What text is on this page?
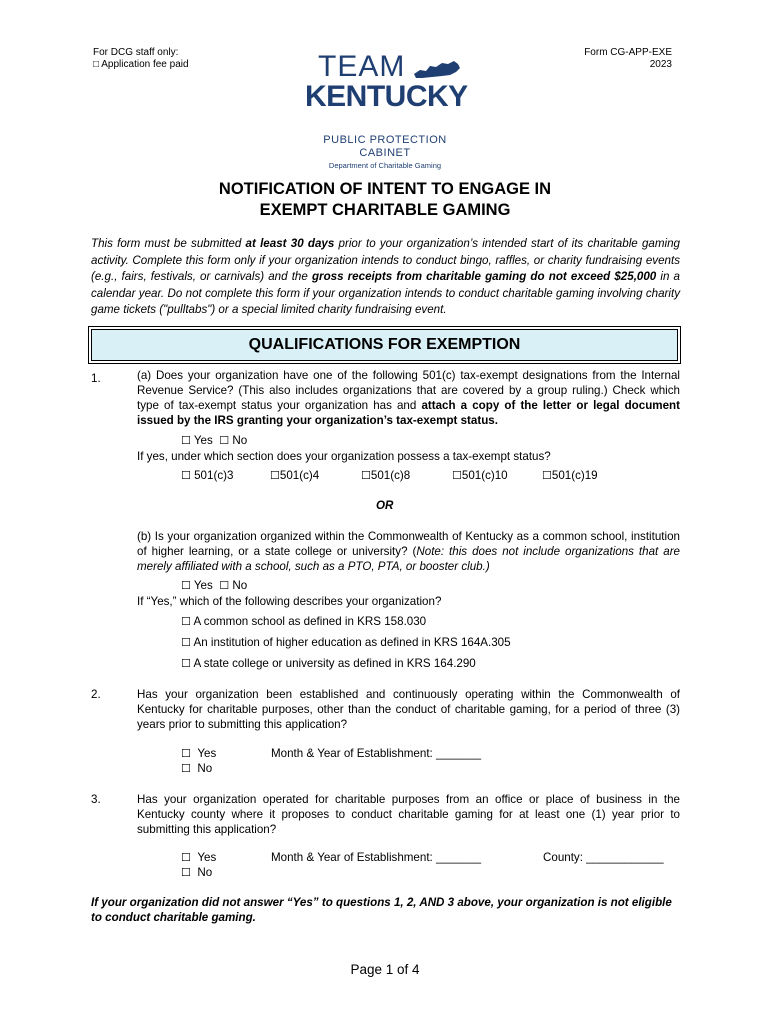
For DCG staff only:
□ Application fee paid
Form CG-APP-EXE
2023
TEAM
KENTUCKY
PUBLIC PROTECTION
CABINET
Department of Charitable Gaming
NOTIFICATION OF INTENT TO ENGAGE IN
EXEMPT CHARITABLE GAMING
This form must be submitted at least 30 days prior to your organization’s intended start of its charitable gaming activity. Complete this form only if your organization intends to conduct bingo, raffles, or charity fundraising events (e.g., fairs, festivals, or carnivals) and the gross receipts from charitable gaming do not exceed $25,000 in a calendar year. Do not complete this form if your organization intends to conduct charitable gaming involving charity game tickets ("pulltabs") or a special limited charity fundraising event.
QUALIFICATIONS FOR EXEMPTION
1.	(a) Does your organization have one of the following 501(c) tax-exempt designations from the Internal Revenue Service? (This also includes organizations that are covered by a group ruling.) Check which type of tax-exempt status your organization has and attach a copy of the letter or legal document issued by the IRS granting your organization’s tax-exempt status.
☐ Yes ☐ No
If yes, under which section does your organization possess a tax-exempt status?
☐ 501(c)3	☐501(c)4	☐501(c)8	☐501(c)10	☐501(c)19
OR
(b) Is your organization organized within the Commonwealth of Kentucky as a common school, institution of higher learning, or a state college or university? (Note: this does not include organizations that are merely affiliated with a school, such as a PTO, PTA, or booster club.)
☐ Yes ☐ No
If “Yes,” which of the following describes your organization?
☐ A common school as defined in KRS 158.030
☐ An institution of higher education as defined in KRS 164A.305
☐ A state college or university as defined in KRS 164.290
2.	Has your organization been established and continuously operating within the Commonwealth of Kentucky for charitable purposes, other than the conduct of charitable gaming, for a period of three (3) years prior to submitting this application?
☐ Yes
☐ No
Month & Year of Establishment: _______
3.	Has your organization operated for charitable purposes from an office or place of business in the Kentucky county where it proposes to conduct charitable gaming for at least one (1) year prior to submitting this application?
☐ Yes
☐ No
Month & Year of Establishment: _______	County: ____________
If your organization did not answer “Yes” to questions 1, 2, AND 3 above, your organization is not eligible to conduct charitable gaming.
Page 1 of 4
